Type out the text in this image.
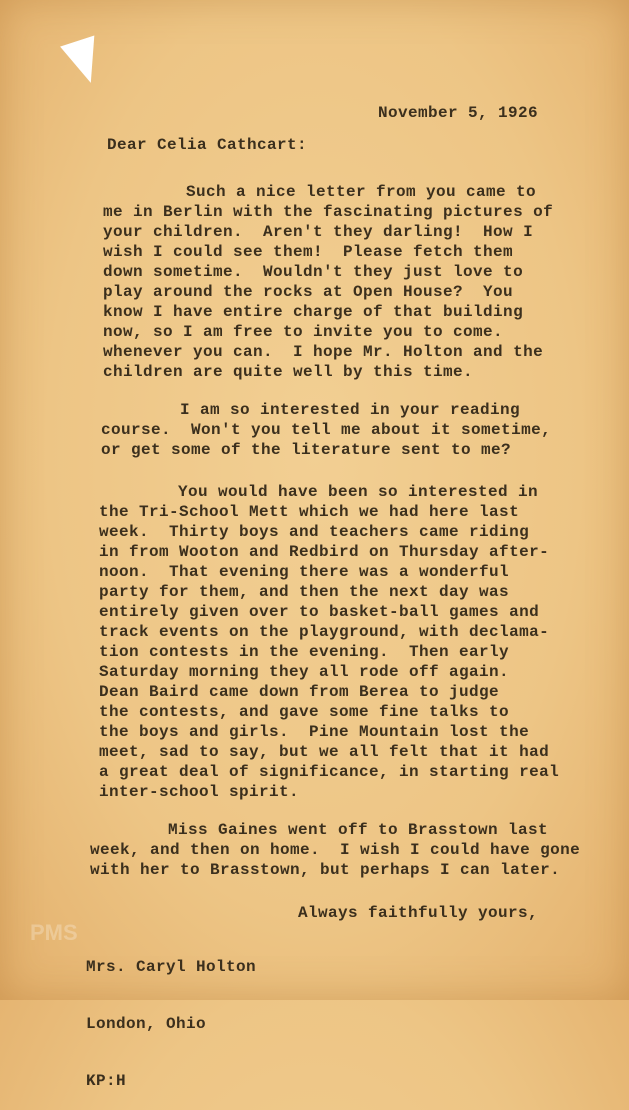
November 5, 1926
Dear Celia Cathcart:
Such a nice letter from you came to
me in Berlin with the fascinating pictures of
your children.  Aren't they darling!  How I
wish I could see them!  Please fetch them
down sometime.  Wouldn't they just love to
play around the rocks at Open House?  You
know I have entire charge of that building
now, so I am free to invite you to come.
whenever you can.  I hope Mr. Holton and the
children are quite well by this time.
I am so interested in your reading
course.  Won't you tell me about it sometime,
or get some of the literature sent to me?
You would have been so interested in
the Tri-School Mett which we had here last
week.  Thirty boys and teachers came riding
in from Wooton and Redbird on Thursday after-
noon.  That evening there was a wonderful
party for them, and then the next day was
entirely given over to basket-ball games and
track events on the playground, with declama-
tion contests in the evening.  Then early
Saturday morning they all rode off again.
Dean Baird came down from Berea to judge
the contests, and gave some fine talks to
the boys and girls.  Pine Mountain lost the
meet, sad to say, but we all felt that it had
a great deal of significance, in starting real
inter-school spirit.
Miss Gaines went off to Brasstown last
week, and then on home.  I wish I could have gone
with her to Brasstown, but perhaps I can later.
Always faithfully yours,

Mrs. Caryl Holton

London, Ohio

KP:H

PMS
